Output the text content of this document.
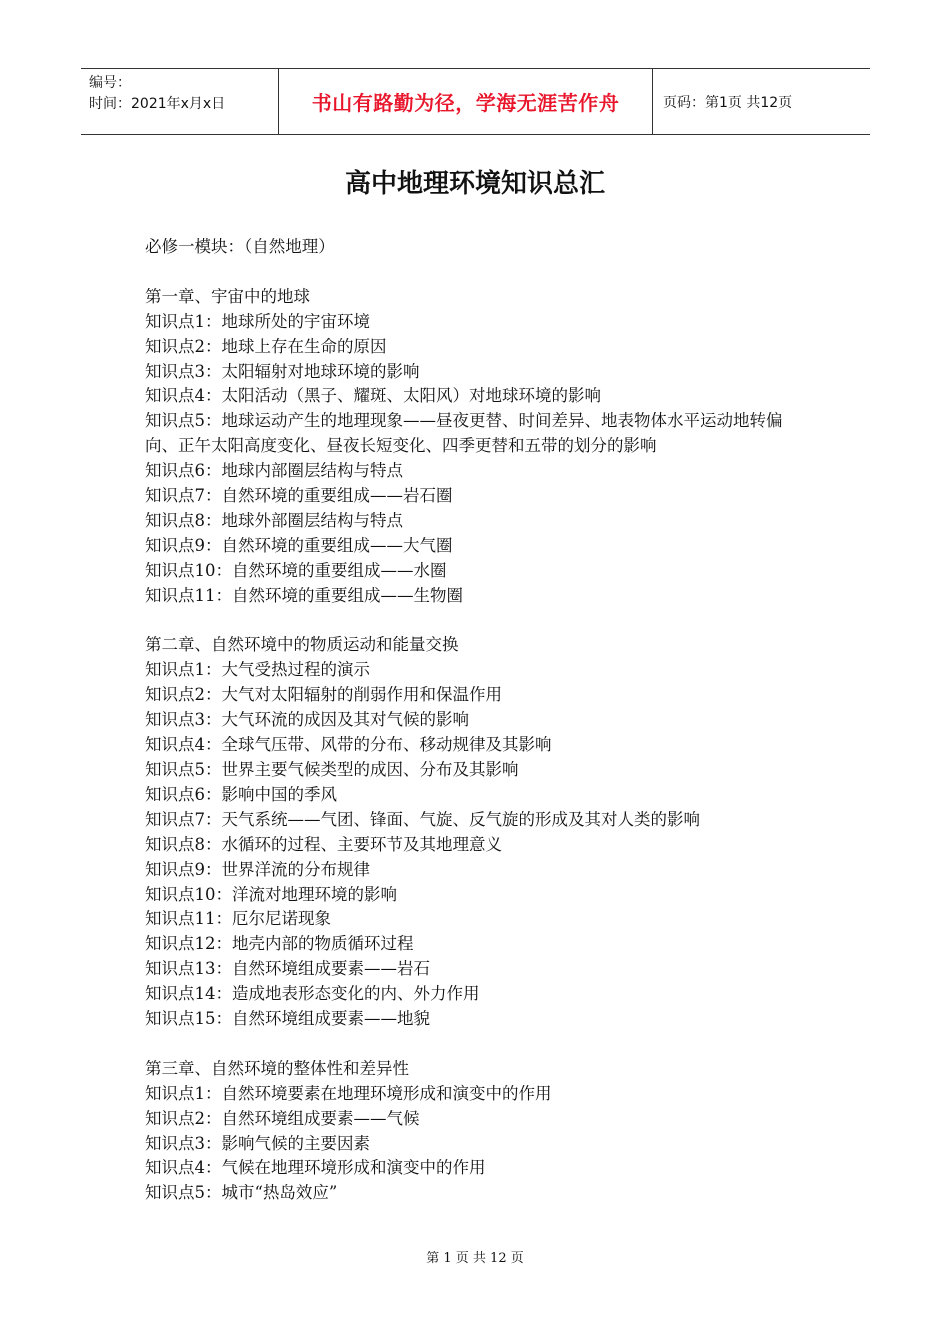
编号：
时间：2021年x月x日	书山有路勤为径，学海无涯苦作舟	页码：第1页 共12页
高中地理环境知识总汇
必修一模块：（自然地理）
第一章、宇宙中的地球
知识点1：地球所处的宇宙环境
知识点2：地球上存在生命的原因
知识点3：太阳辐射对地球环境的影响
知识点4：太阳活动（黑子、耀斑、太阳风）对地球环境的影响
知识点5：地球运动产生的地理现象——昼夜更替、时间差异、地表物体水平运动地转偏向、正午太阳高度变化、昼夜长短变化、四季更替和五带的划分的影响
知识点6：地球内部圈层结构与特点
知识点7：自然环境的重要组成——岩石圈
知识点8：地球外部圈层结构与特点
知识点9：自然环境的重要组成——大气圈
知识点10：自然环境的重要组成——水圈
知识点11：自然环境的重要组成——生物圈
第二章、自然环境中的物质运动和能量交换
知识点1：大气受热过程的演示
知识点2：大气对太阳辐射的削弱作用和保温作用
知识点3：大气环流的成因及其对气候的影响
知识点4：全球气压带、风带的分布、移动规律及其影响
知识点5：世界主要气候类型的成因、分布及其影响
知识点6：影响中国的季风
知识点7：天气系统——气团、锋面、气旋、反气旋的形成及其对人类的影响
知识点8：水循环的过程、主要环节及其地理意义
知识点9：世界洋流的分布规律
知识点10：洋流对地理环境的影响
知识点11：厄尔尼诺现象
知识点12：地壳内部的物质循环过程
知识点13：自然环境组成要素——岩石
知识点14：造成地表形态变化的内、外力作用
知识点15：自然环境组成要素——地貌
第三章、自然环境的整体性和差异性
知识点1：自然环境要素在地理环境形成和演变中的作用
知识点2：自然环境组成要素——气候
知识点3：影响气候的主要因素
知识点4：气候在地理环境形成和演变中的作用
知识点5：城市“热岛效应”
第 1 页 共 12 页
